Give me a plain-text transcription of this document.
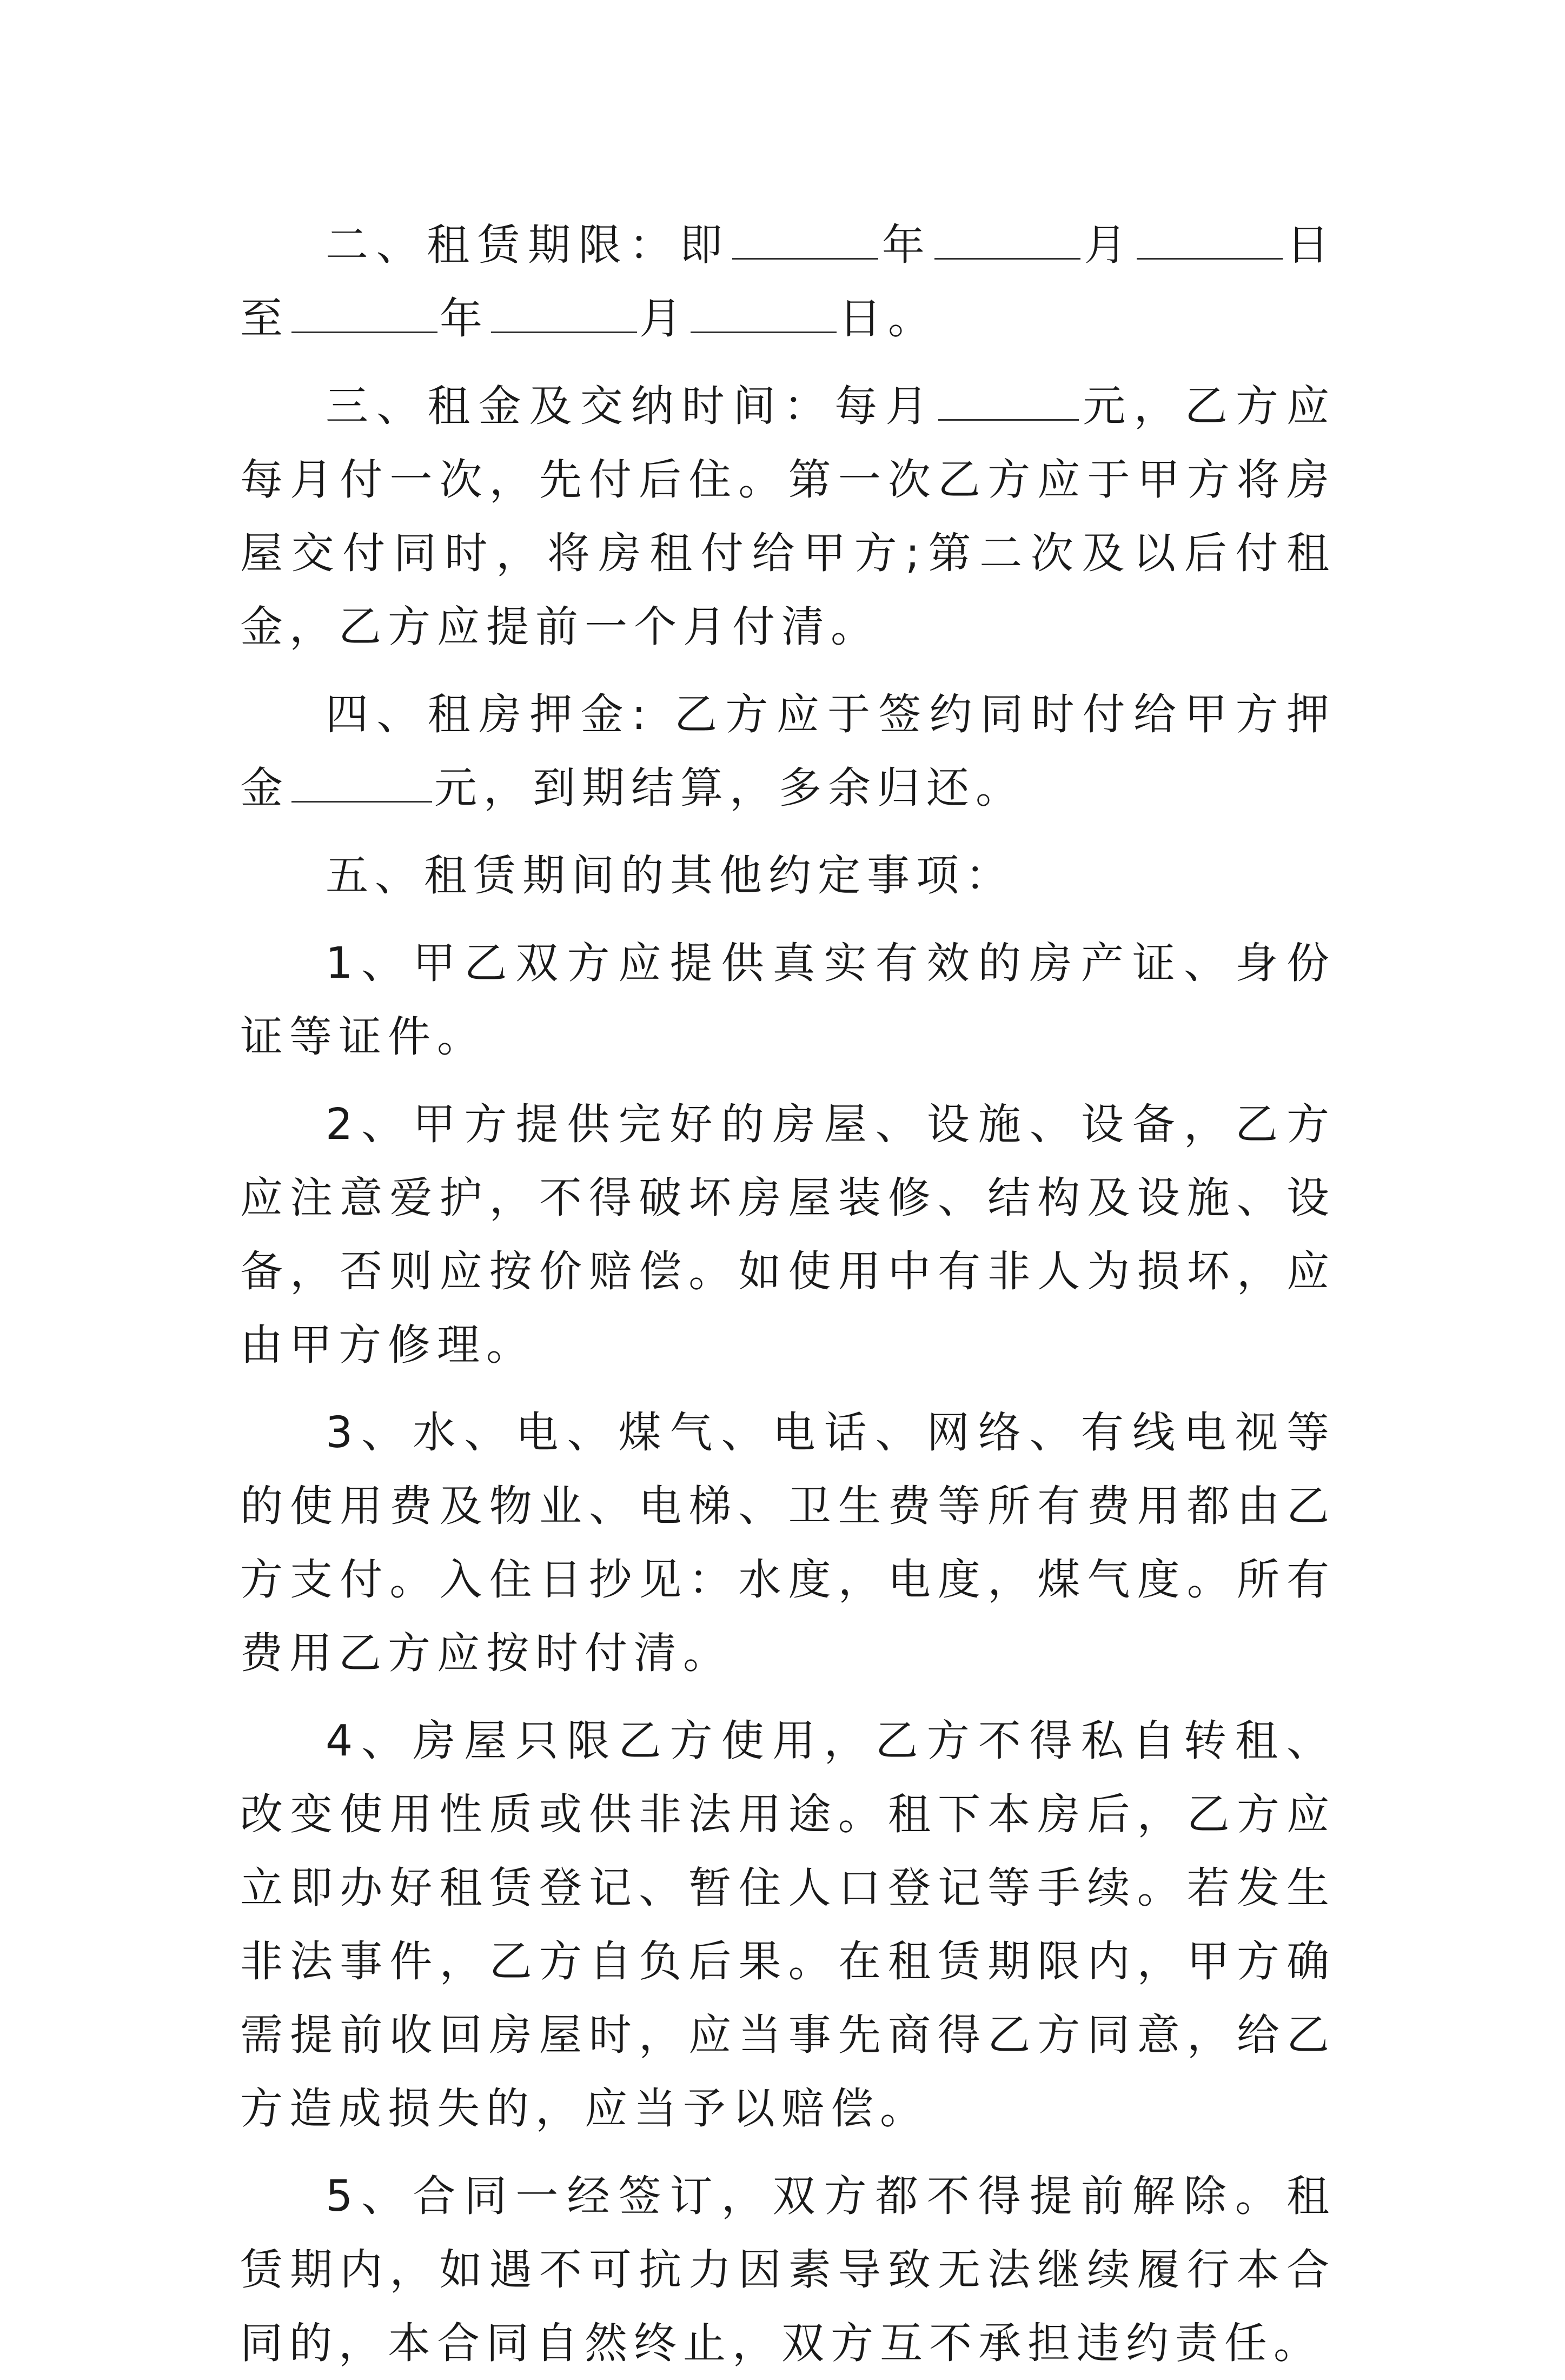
二、租赁期限：即	年	月	日至	年	月	日。

三、租金及交纳时间：每月	元，乙方应每月付一次，先付后住。第一次乙方应于甲方将房屋交付同时，将房租付给甲方;第二次及以后付租金，乙方应提前一个月付清。

四、租房押金: 乙方应于签约同时付给甲方押金	元，到期结算，多余归还。

五、租赁期间的其他约定事项：

1、甲乙双方应提供真实有效的房产证、身份证等证件。

2、甲方提供完好的房屋、设施、设备，乙方应注意爱护，不得破坏房屋装修、结构及设施、设备，否则应按价赔偿。如使用中有非人为损坏，应由甲方修理。

3、水、电、煤气、电话、网络、有线电视等的使用费及物业、电梯、卫生费等所有费用都由乙方支付。入住日抄见：水度，电度，煤气度。所有费用乙方应按时付清。

4、房屋只限乙方使用，乙方不得私自转租、改变使用性质或供非法用途。租下本房后，乙方应立即办好租赁登记、暂住人口登记等手续。若发生非法事件，乙方自负后果。在租赁期限内，甲方确需提前收回房屋时，应当事先商得乙方同意，给乙方造成损失的，应当予以赔偿。

5、合同一经签订，双方都不得提前解除。租赁期内，如遇不可抗力因素导致无法继续履行本合同的，本合同自然终止，双方互不承担违约责任。
